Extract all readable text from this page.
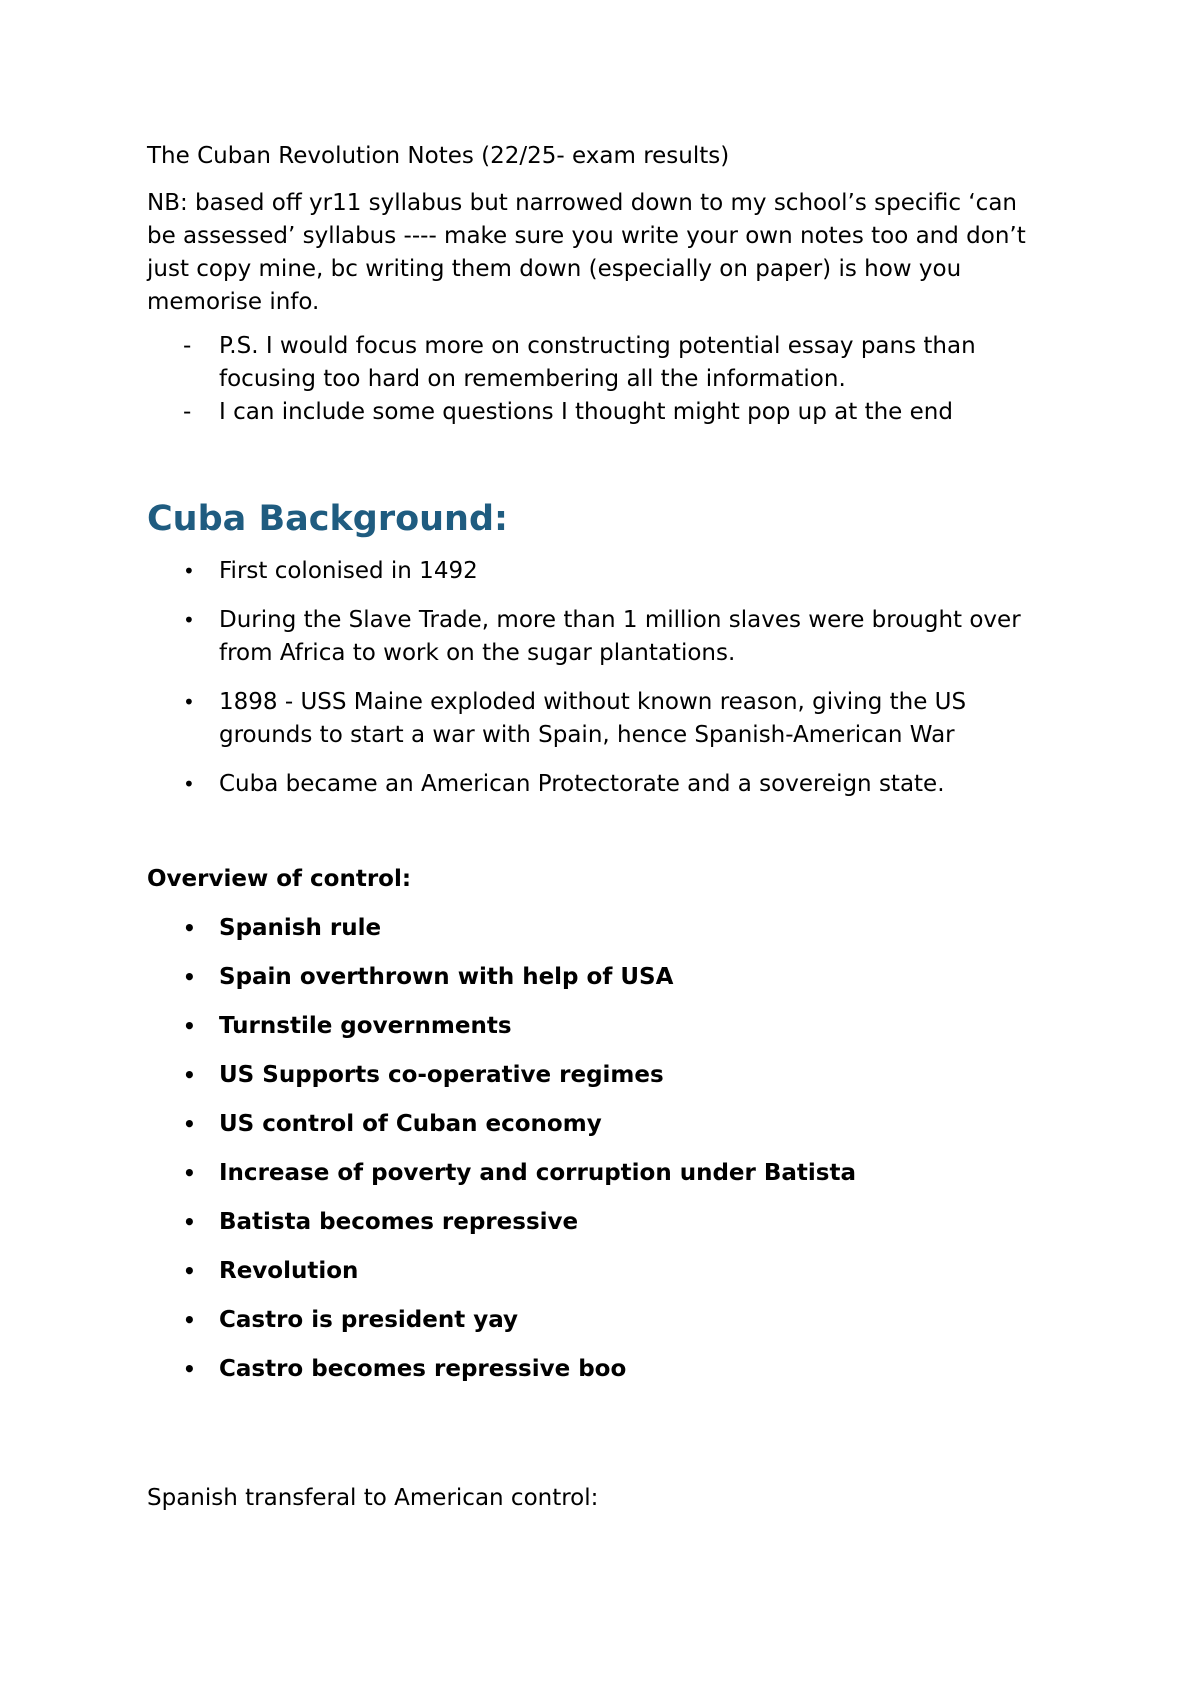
The Cuban Revolution Notes (22/25- exam results)

NB: based off yr11 syllabus but narrowed down to my school’s specific ‘can be assessed’ syllabus ---- make sure you write your own notes too and don’t just copy mine, bc writing them down (especially on paper) is how you memorise info.

- P.S. I would focus more on constructing potential essay pans than focusing too hard on remembering all the information.
- I can include some questions I thought might pop up at the end
Cuba Background:
• First colonised in 1492
• During the Slave Trade, more than 1 million slaves were brought over from Africa to work on the sugar plantations.
• 1898 - USS Maine exploded without known reason, giving the US grounds to start a war with Spain, hence Spanish-American War
• Cuba became an American Protectorate and a sovereign state.

Overview of control:

• Spanish rule
• Spain overthrown with help of USA
• Turnstile governments
• US Supports co-operative regimes
• US control of Cuban economy
• Increase of poverty and corruption under Batista
• Batista becomes repressive
• Revolution
• Castro is president yay
• Castro becomes repressive boo

Spanish transferal to American control:
